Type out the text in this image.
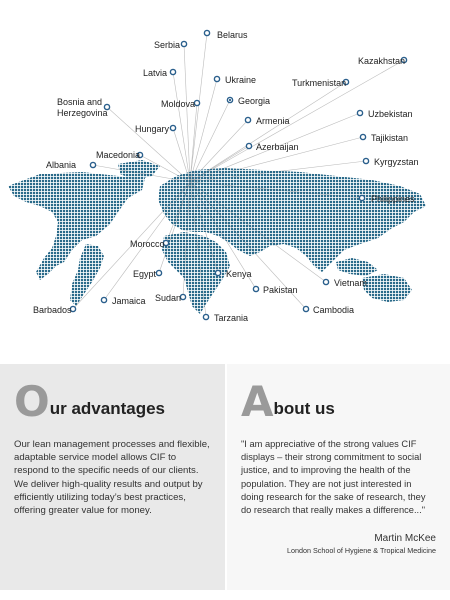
Belarus
Serbia
Latvia
Ukraine
Kazakhstan
Turkmenistan
Moldova	Georgia
Bosnia and Herzegovina	Uzbekistan
Armenia
Hungary
Tajikistan
Azerbaijan
Macedonia
Kyrgyzstan
Albania
Philippines
Morocco
Egypt	Kenya
Vietnam
Pakistan
Sudan
Jamaica
Barbados	Cambodia
Tarzania
O ur advantages

Our lean management processes and flexible, adaptable service model allows CIF to respond to the specific needs of our clients. We deliver high-quality results and output by efficiently utilizing today’s best practices, offering greater value for money.

A bout us

"I am appreciative of the strong values CIF displays – their strong commitment to social justice, and to improving the health of the population. They are not just interested in doing research for the sake of research, they do research that really makes a difference..."

Martin McKee
London School of Hygiene & Tropical Medicine
